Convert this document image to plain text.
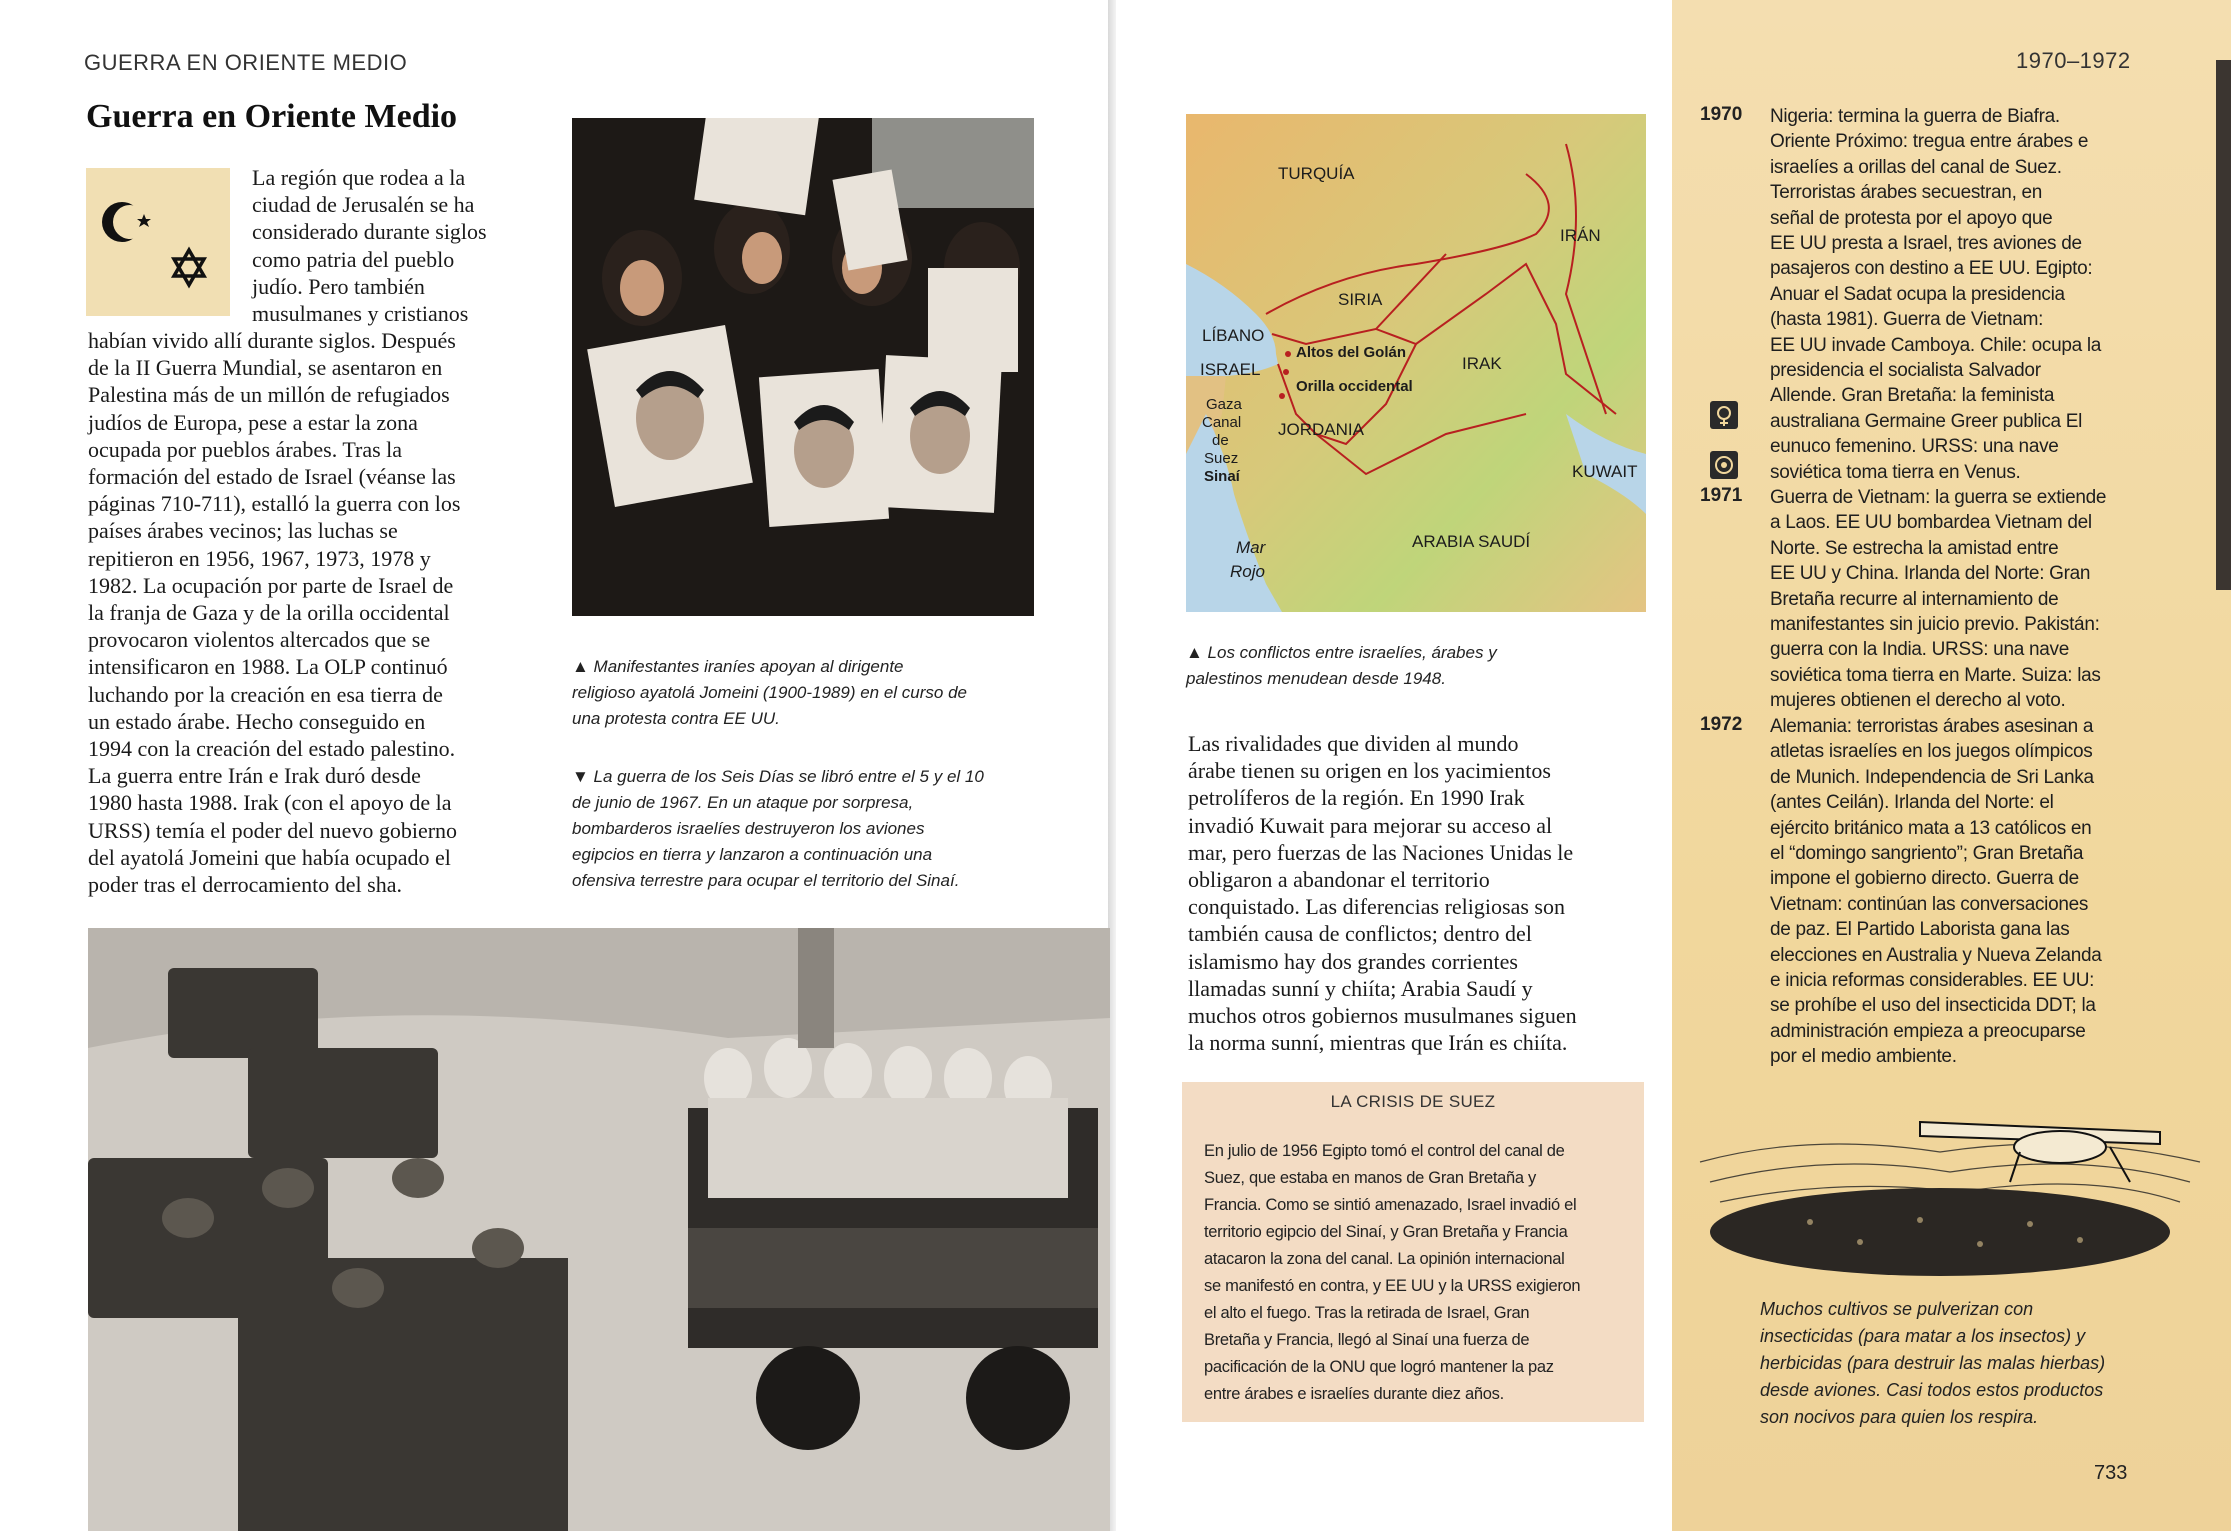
GUERRA EN ORIENTE MEDIO
Guerra en Oriente Medio
La región que rodea a la
ciudad de Jerusalén se ha
considerado durante siglos
como patria del pueblo
judío. Pero también
musulmanes y cristianos
habían vivido allí durante siglos. Después
de la II Guerra Mundial, se asentaron en
Palestina más de un millón de refugiados
judíos de Europa, pese a estar la zona
ocupada por pueblos árabes. Tras la
formación del estado de Israel (véanse las
páginas 710-711), estalló la guerra con los
países árabes vecinos; las luchas se
repitieron en 1956, 1967, 1973, 1978 y
1982. La ocupación por parte de Israel de
la franja de Gaza y de la orilla occidental
provocaron violentos altercados que se
intensificaron en 1988. La OLP continuó
luchando por la creación en esa tierra de
un estado árabe. Hecho conseguido en
1994 con la creación del estado palestino.
La guerra entre Irán e Irak duró desde
1980 hasta 1988. Irak (con el apoyo de la
URSS) temía el poder del nuevo gobierno
del ayatolá Jomeini que había ocupado el
poder tras el derrocamiento del sha.
▲ Manifestantes iraníes apoyan al dirigente
religioso ayatolá Jomeini (1900-1989) en el curso de
una protesta contra EE UU.
▼ La guerra de los Seis Días se libró entre el 5 y el 10
de junio de 1967. En un ataque por sorpresa,
bombarderos israelíes destruyeron los aviones
egipcios en tierra y lanzaron a continuación una
ofensiva terrestre para ocupar el territorio del Sinaí.
1970–1972
TURQUÍA
IRÁN
SIRIA
LÍBANO
ISRAEL
Altos del Golán
IRAK
Orilla occidental
Gaza
Canal
de
Suez
Sinaí
JORDANIA
KUWAIT
Mar
Rojo
ARABIA SAUDÍ
▲ Los conflictos entre israelíes, árabes y
palestinos menudean desde 1948.
Las rivalidades que dividen al mundo
árabe tienen su origen en los yacimientos
petrolíferos de la región. En 1990 Irak
invadió Kuwait para mejorar su acceso al
mar, pero fuerzas de las Naciones Unidas le
obligaron a abandonar el territorio
conquistado. Las diferencias religiosas son
también causa de conflictos; dentro del
islamismo hay dos grandes corrientes
llamadas sunní y chiíta; Arabia Saudí y
muchos otros gobiernos musulmanes siguen
la norma sunní, mientras que Irán es chiíta.
LA CRISIS DE SUEZ
En julio de 1956 Egipto tomó el control del canal de
Suez, que estaba en manos de Gran Bretaña y
Francia. Como se sintió amenazado, Israel invadió el
territorio egipcio del Sinaí, y Gran Bretaña y Francia
atacaron la zona del canal. La opinión internacional
se manifestó en contra, y EE UU y la URSS exigieron
el alto el fuego. Tras la retirada de Israel, Gran
Bretaña y Francia, llegó al Sinaí una fuerza de
pacificación de la ONU que logró mantener la paz
entre árabes e israelíes durante diez años.
1970	Nigeria: termina la guerra de Biafra.
Oriente Próximo: tregua entre árabes e
israelíes a orillas del canal de Suez.
Terroristas árabes secuestran, en
señal de protesta por el apoyo que
EE UU presta a Israel, tres aviones de
pasajeros con destino a EE UU. Egipto:
Anuar el Sadat ocupa la presidencia
(hasta 1981). Guerra de Vietnam:
EE UU invade Camboya. Chile: ocupa la
presidencia el socialista Salvador
Allende. Gran Bretaña: la feminista
australiana Germaine Greer publica El
eunuco femenino. URSS: una nave
soviética toma tierra en Venus.
1971	Guerra de Vietnam: la guerra se extiende
a Laos. EE UU bombardea Vietnam del
Norte. Se estrecha la amistad entre
EE UU y China. Irlanda del Norte: Gran
Bretaña recurre al internamiento de
manifestantes sin juicio previo. Pakistán:
guerra con la India. URSS: una nave
soviética toma tierra en Marte. Suiza: las
mujeres obtienen el derecho al voto.
1972	Alemania: terroristas árabes asesinan a
atletas israelíes en los juegos olímpicos
de Munich. Independencia de Sri Lanka
(antes Ceilán). Irlanda del Norte: el
ejército británico mata a 13 católicos en
el “domingo sangriento”; Gran Bretaña
impone el gobierno directo. Guerra de
Vietnam: continúan las conversaciones
de paz. El Partido Laborista gana las
elecciones en Australia y Nueva Zelanda
e inicia reformas considerables. EE UU:
se prohíbe el uso del insecticida DDT; la
administración empieza a preocuparse
por el medio ambiente.
Muchos cultivos se pulverizan con
insecticidas (para matar a los insectos) y
herbicidas (para destruir las malas hierbas)
desde aviones. Casi todos estos productos
son nocivos para quien los respira.
733
